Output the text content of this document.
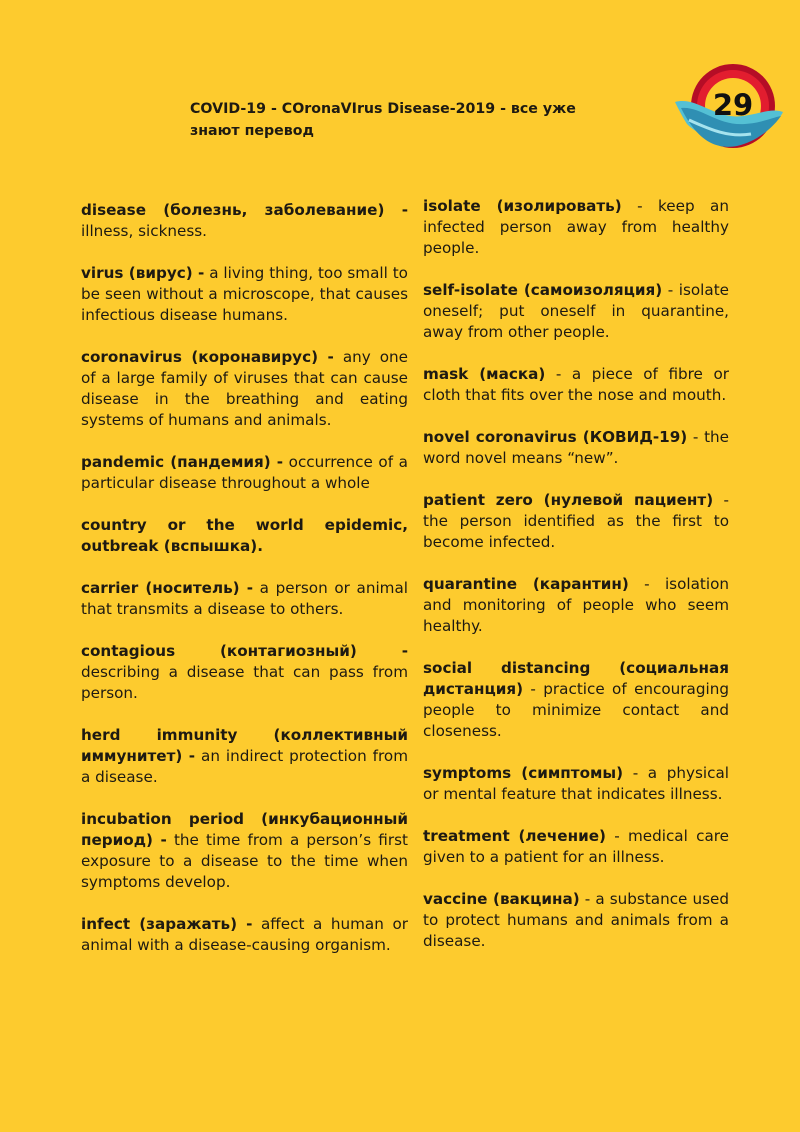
COVID-19 - COronaVIrus Disease-2019 - все уже
знают перевод
29
disease (болезнь, заболевание) - illness, sickness.
virus (вирус) - a living thing, too small to be seen without a microscope, that causes infectious disease humans.
coronavirus (коронавирус) - any one of a large family of viruses that can cause disease in the breathing and eating systems of humans and animals.
pandemic (пандемия) - occurrence of a particular disease throughout a whole
country or the world epidemic, outbreak (вспышка).
carrier (носитель) - a person or animal that transmits a disease to others.
contagious (контагиозный) - describing a disease that can pass from person.
herd immunity (коллективный иммунитет) - an indirect protection from a disease.
incubation period (инкубационный период) - the time from a person’s first exposure to a disease to the time when symptoms develop.
infect (заражать) - affect a human or animal with a disease-causing organism.
isolate (изолировать) - keep an infected person away from healthy people.
self-isolate (самоизоляция) - isolate oneself; put oneself in quarantine, away from other people.
mask (маска) - a piece of fibre or cloth that fits over the nose and mouth.
novel coronavirus (КОВИД-19) - the word novel means “new”.
patient zero (нулевой пациент) - the person identified as the first to become infected.
quarantine (карантин) - isolation and monitoring of people who seem healthy.
social distancing (социальная дистанция) - practice of encouraging people to minimize contact and closeness.
symptoms (симптомы) - a physical or mental feature that indicates illness.
treatment (лечение) - medical care given to a patient for an illness.
vaccine (вакцина) - a substance used to protect humans and animals from a disease.
